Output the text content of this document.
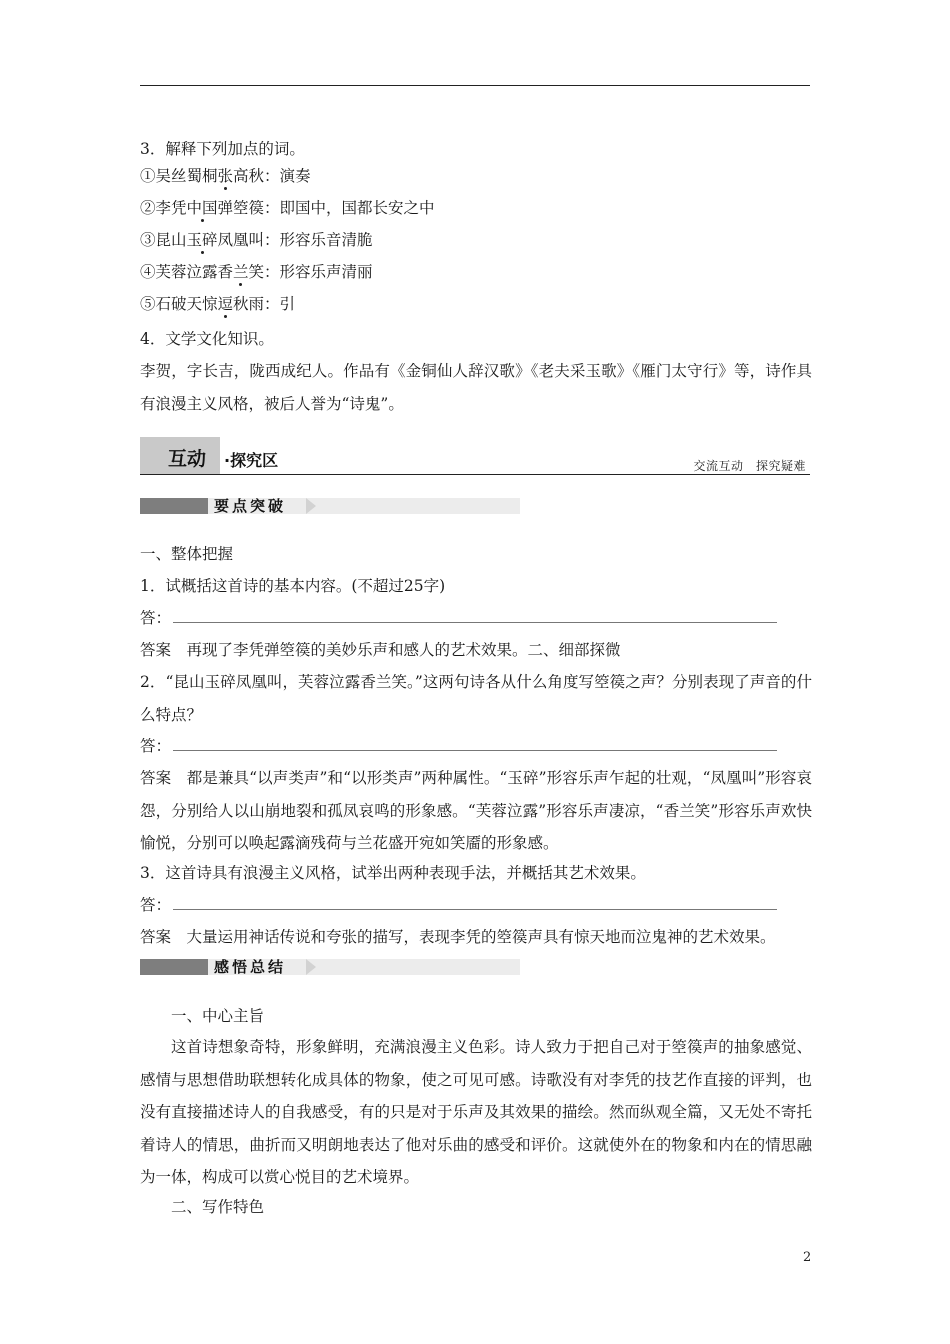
3．解释下列加点的词。
①吴丝蜀桐张高秋：演奏
②李凭中国弹箜篌：即国中，国都长安之中
③昆山玉碎凤凰叫：形容乐音清脆
④芙蓉泣露香兰笑：形容乐声清丽
⑤石破天惊逗秋雨：引
4．文学文化知识。
李贺，字长吉，陇西成纪人。作品有《金铜仙人辞汉歌》《老夫采玉歌》《雁门太守行》等，诗作具有浪漫主义风格，被后人誉为“诗鬼”。
互动 ·探究区	交流互动　探究疑难
要点突破
一、整体把握
1．试概括这首诗的基本内容。(不超过25字)
答：
答案　再现了李凭弹箜篌的美妙乐声和感人的艺术效果。二、细部探微
2．“昆山玉碎凤凰叫，芙蓉泣露香兰笑。”这两句诗各从什么角度写箜篌之声？分别表现了声音的什么特点？
答：
答案　都是兼具“以声类声”和“以形类声”两种属性。“玉碎”形容乐声乍起的壮观，“凤凰叫”形容哀怨，分别给人以山崩地裂和孤凤哀鸣的形象感。“芙蓉泣露”形容乐声凄凉，“香兰笑”形容乐声欢快愉悦，分别可以唤起露滴残荷与兰花盛开宛如笑靥的形象感。
3．这首诗具有浪漫主义风格，试举出两种表现手法，并概括其艺术效果。
答：
答案　大量运用神话传说和夸张的描写，表现李凭的箜篌声具有惊天地而泣鬼神的艺术效果。
感悟总结
一、中心主旨
这首诗想象奇特，形象鲜明，充满浪漫主义色彩。诗人致力于把自己对于箜篌声的抽象感觉、感情与思想借助联想转化成具体的物象，使之可见可感。诗歌没有对李凭的技艺作直接的评判，也没有直接描述诗人的自我感受，有的只是对于乐声及其效果的描绘。然而纵观全篇，又无处不寄托着诗人的情思，曲折而又明朗地表达了他对乐曲的感受和评价。这就使外在的物象和内在的情思融为一体，构成可以赏心悦目的艺术境界。
二、写作特色
2
